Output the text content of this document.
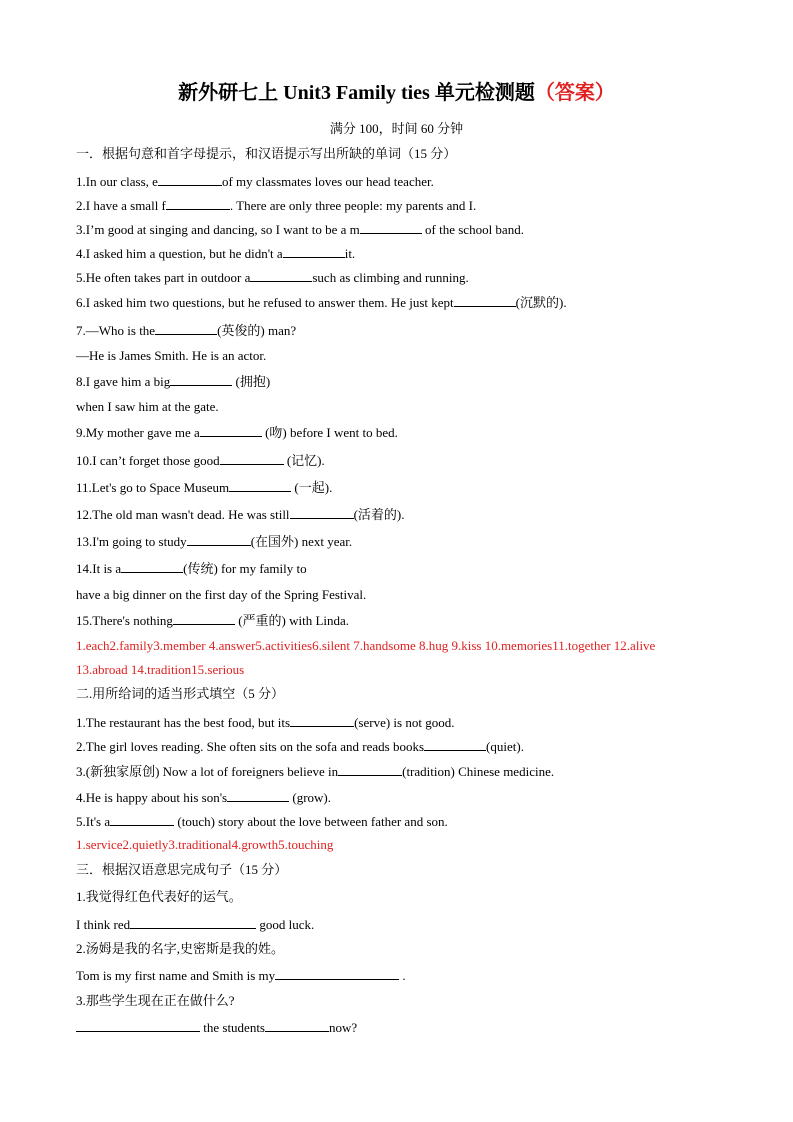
新外研七上 Unit3 Family ties 单元检测题（答案）
满分 100，时间 60 分钟
一．根据句意和首字母提示，和汉语提示写出所缺的单词（15 分）
1.In our class, e	of my classmates loves our head teacher.
2.I have a small f	. There are only three people: my parents and I.
3.I’m good at singing and dancing, so I want to be a m	of the school band.
4.I asked him a question, but he didn't a	it.
5.He often takes part in outdoor a	such as climbing and running.
6.I asked him two questions, but he refused to answer them. He just kept	(沉默的).
7.—Who is the	(英俊的) man?
—He is James Smith. He is an actor.
8.I gave him a big	(拥抱)
when I saw him at the gate.
9.My mother gave me a	(吻) before I went to bed.
10.I can’t forget those good	(记忆).
11.Let's go to Space Museum	(一起).
12.The old man wasn't dead. He was still	(活着的).
13.I'm going to study	(在国外) next year.
14.It is a	(传统) for my family to
have a big dinner on the first day of the Spring Festival.
15.There's nothing	(严重的) with Linda.
1.each2.family3.member 4.answer5.activities6.silent 7.handsome 8.hug 9.kiss 10.memories11.together 12.alive
13.abroad 14.tradition15.serious
二.用所给词的适当形式填空（5 分）
1.The restaurant has the best food, but its	(serve) is not good.
2.The girl loves reading. She often sits on the sofa and reads books	(quiet).
3.(新独家原创) Now a lot of foreigners believe in	(tradition) Chinese medicine.
4.He is happy about his son's	(grow).
5.It's a	(touch) story about the love between father and son.
1.service2.quietly3.traditional4.growth5.touching
三．根据汉语意思完成句子（15 分）
1.我觉得红色代表好的运气。
I think red	good luck.
2.汤姆是我的名字,史密斯是我的姓。
Tom is my first name and Smith is my	.
3.那些学生现在正在做什么?
the students	now?
